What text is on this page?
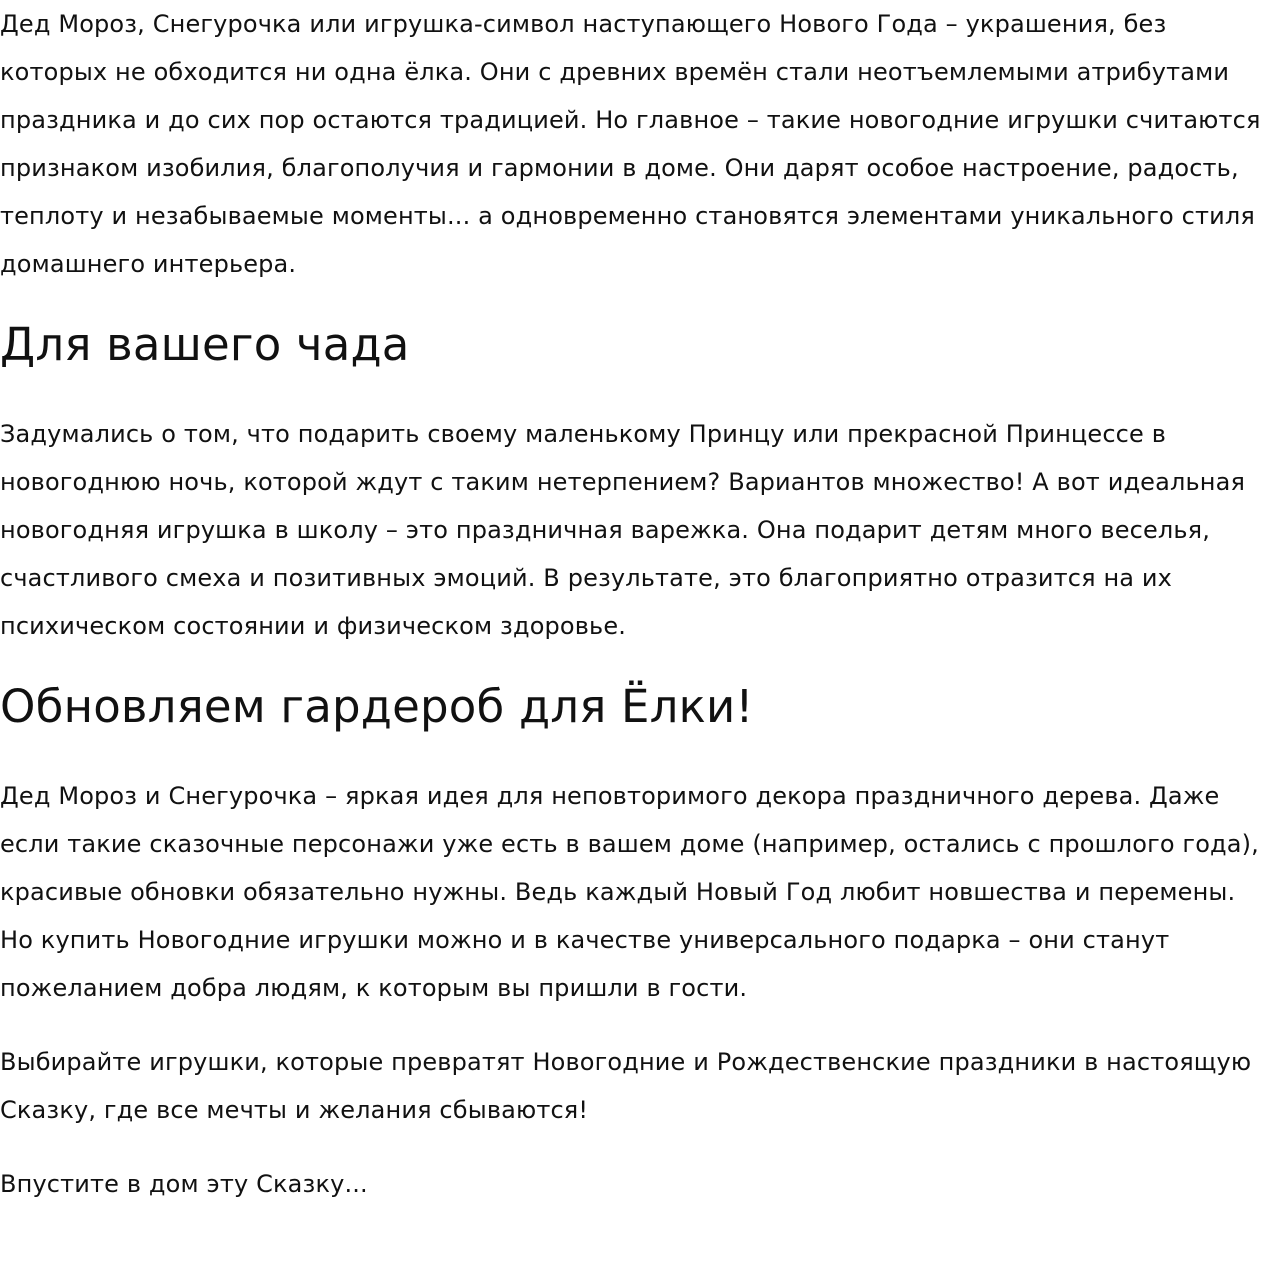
Дед Мороз, Снегурочка или игрушка-символ наступающего Нового Года – украшения, без которых не обходится ни одна ёлка. Они с древних времён стали неотъемлемыми атрибутами праздника и до сих пор остаются традицией. Но главное – такие новогодние игрушки считаются признаком изобилия, благополучия и гармонии в доме. Они дарят особое настроение, радость, теплоту и незабываемые моменты... а одновременно становятся элементами уникального стиля домашнего интерьера.

Для вашего чада

Задумались о том, что подарить своему маленькому Принцу или прекрасной Принцессе в новогоднюю ночь, которой ждут с таким нетерпением? Вариантов множество! А вот идеальная новогодняя игрушка в школу – это праздничная варежка. Она подарит детям много веселья, счастливого смеха и позитивных эмоций. В результате, это благоприятно отразится на их психическом состоянии и физическом здоровье.

Обновляем гардероб для Ёлки!

Дед Мороз и Снегурочка – яркая идея для неповторимого декора праздничного дерева. Даже если такие сказочные персонажи уже есть в вашем доме (например, остались с прошлого года), красивые обновки обязательно нужны. Ведь каждый Новый Год любит новшества и перемены. Но купить Новогодние игрушки можно и в качестве универсального подарка – они станут пожеланием добра людям, к которым вы пришли в гости.

Выбирайте игрушки, которые превратят Новогодние и Рождественские праздники в настоящую Сказку, где все мечты и желания сбываются!

Впустите в дом эту Сказку...
